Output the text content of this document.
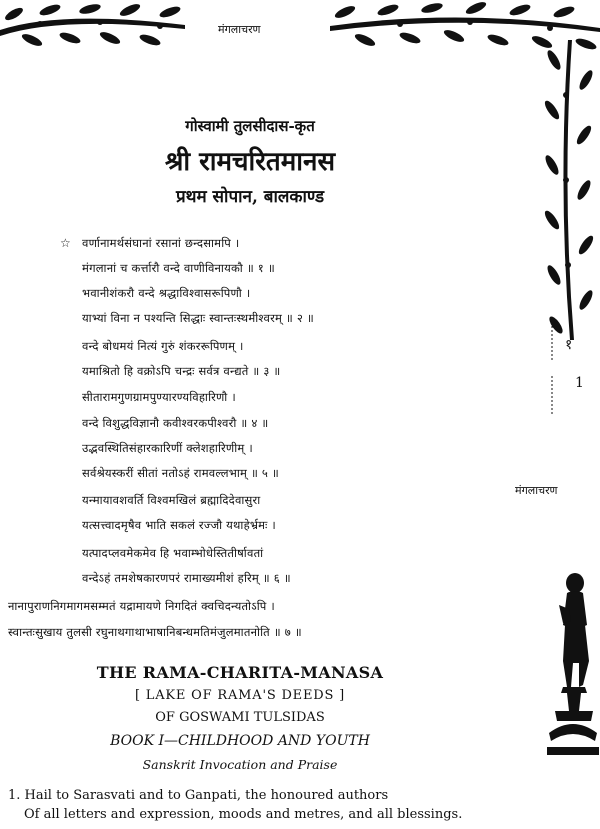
मंगलाचरण
गोस्वामी तुलसीदास-कृत
श्री रामचरितमानस
प्रथम सोपान, बालकाण्ड
☆ वर्णानामर्थसंघानां रसानां छन्दसामपि ।
मंगलानां च कर्त्तारौ वन्दे वाणीविनायकौ ॥ १ ॥
भवानीशंकरौ वन्दे श्रद्धाविश्वासरूपिणौ ।
याभ्यां विना न पश्यन्ति सिद्धाः स्वान्तःस्थमीश्वरम् ॥ २ ॥
वन्दे बोधमयं नित्यं गुरुं शंकररूपिणम् ।
यमाश्रितो हि वक्रोऽपि चन्द्रः सर्वत्र वन्द्यते ॥ ३ ॥
सीतारामगुणग्रामपुण्यारण्यविहारिणौ ।
वन्दे विशुद्धविज्ञानौ कवीश्वरकपीश्वरौ ॥ ४ ॥
उद्भवस्थितिसंहारकारिणीं क्लेशहारिणीम् ।
सर्वश्रेयस्करीं सीतां नतोऽहं रामवल्लभाम् ॥ ५ ॥
यन्मायावशवर्ति विश्वमखिलं ब्रह्मादिदेवासुरा
यत्सत्त्वादमृषैव भाति सकलं रज्जौ यथाहेर्भ्रमः ।
यत्पादप्लवमेकमेव हि भवाम्भोधेस्तितीर्षावतां
वन्देऽहं तमशेषकारणपरं रामाख्यमीशं हरिम् ॥ ६ ॥
नानापुराणनिगमागमसम्मतं यद्रामायणे निगदितं क्वचिदन्यतोऽपि ।
स्वान्तःसुखाय तुलसी रघुनाथगाथाभाषानिबन्धमतिमंजुलमातनोति ॥ ७ ॥
१
1
मंगलाचरण
THE RAMA-CHARITA-MANASA
[ LAKE OF RAMA'S DEEDS ]
OF GOSWAMI TULSIDAS
BOOK I—CHILDHOOD AND YOUTH
Sanskrit Invocation and Praise
1. Hail to Sarasvati and to Ganpati, the honoured authors
Of all letters and expression, moods and metres, and all blessings.
